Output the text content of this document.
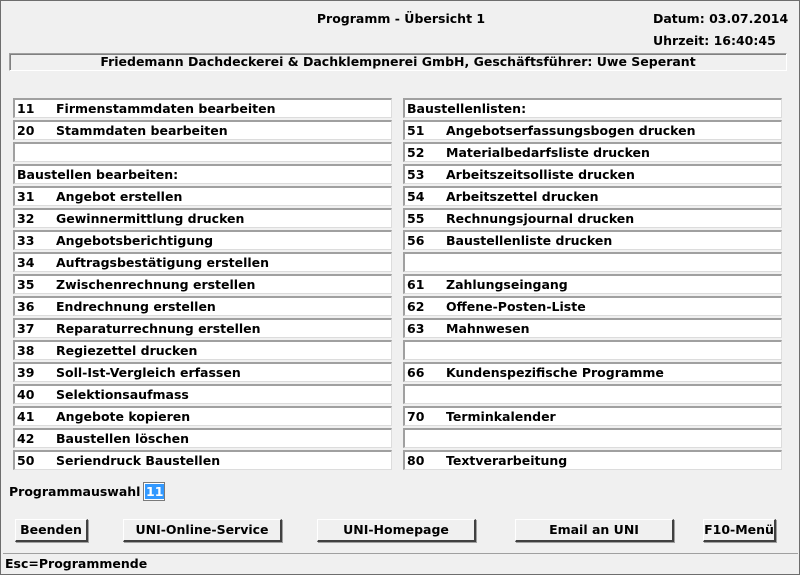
Programm - Übersicht 1	Datum: 03.07.2014
Uhrzeit: 16:40:45
Friedemann Dachdeckerei & Dachklempnerei GmbH, Geschäftsführer: Uwe Seperant
11 Firmenstammdaten bearbeiten
20 Stammdaten bearbeiten
Baustellen bearbeiten:
31 Angebot erstellen
32 Gewinnermittlung drucken
33 Angebotsberichtigung
34 Auftragsbestätigung erstellen
35 Zwischenrechnung erstellen
36 Endrechnung erstellen
37 Reparaturrechnung erstellen
38 Regiezettel drucken
39 Soll-Ist-Vergleich erfassen
40 Selektionsaufmass
41 Angebote kopieren
42 Baustellen löschen
50 Seriendruck Baustellen
Baustellenlisten:
51 Angebotserfassungsbogen drucken
52 Materialbedarfsliste drucken
53 Arbeitszeitsolliste drucken
54 Arbeitszettel drucken
55 Rechnungsjournal drucken
56 Baustellenliste drucken
61 Zahlungseingang
62 Offene-Posten-Liste
63 Mahnwesen
66 Kundenspezifische Programme
70 Terminkalender
80 Textverarbeitung
Programmauswahl 11
Beenden	UNI-Online-Service	UNI-Homepage	Email an UNI	F10-Menü
Esc=Programmende
